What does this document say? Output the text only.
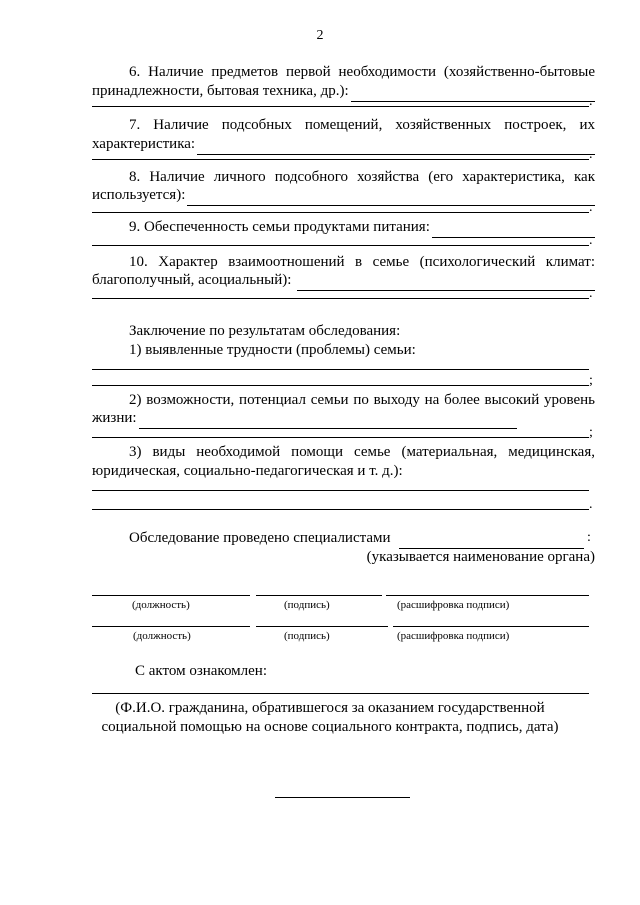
2
6. Наличие предметов первой необходимости (хозяйственно-бытовые
принадлежности, бытовая техника, др.):
.
7. Наличие подсобных помещений, хозяйственных построек, их
характеристика:
.
8. Наличие личного подсобного хозяйства (его характеристика, как
используется):
.
9. Обеспеченность семьи продуктами питания:
.
10. Характер взаимоотношений в семье (психологический климат:
благополучный, асоциальный):
.
Заключение по результатам обследования:
1) выявленные трудности (проблемы) семьи:
;
2) возможности, потенциал семьи по выходу на более высокий уровень
жизни:
;
3) виды необходимой помощи семье (материальная, медицинская,
юридическая, социально-педагогическая и т. д.):
.
Обследование проведено специалистами	:
(указывается наименование органа)
(должность)	(подпись)	(расшифровка подписи)
(должность)	(подпись)	(расшифровка подписи)
С актом ознакомлен:
(Ф.И.О. гражданина, обратившегося за оказанием государственной
социальной помощью на основе социального контракта, подпись, дата)
